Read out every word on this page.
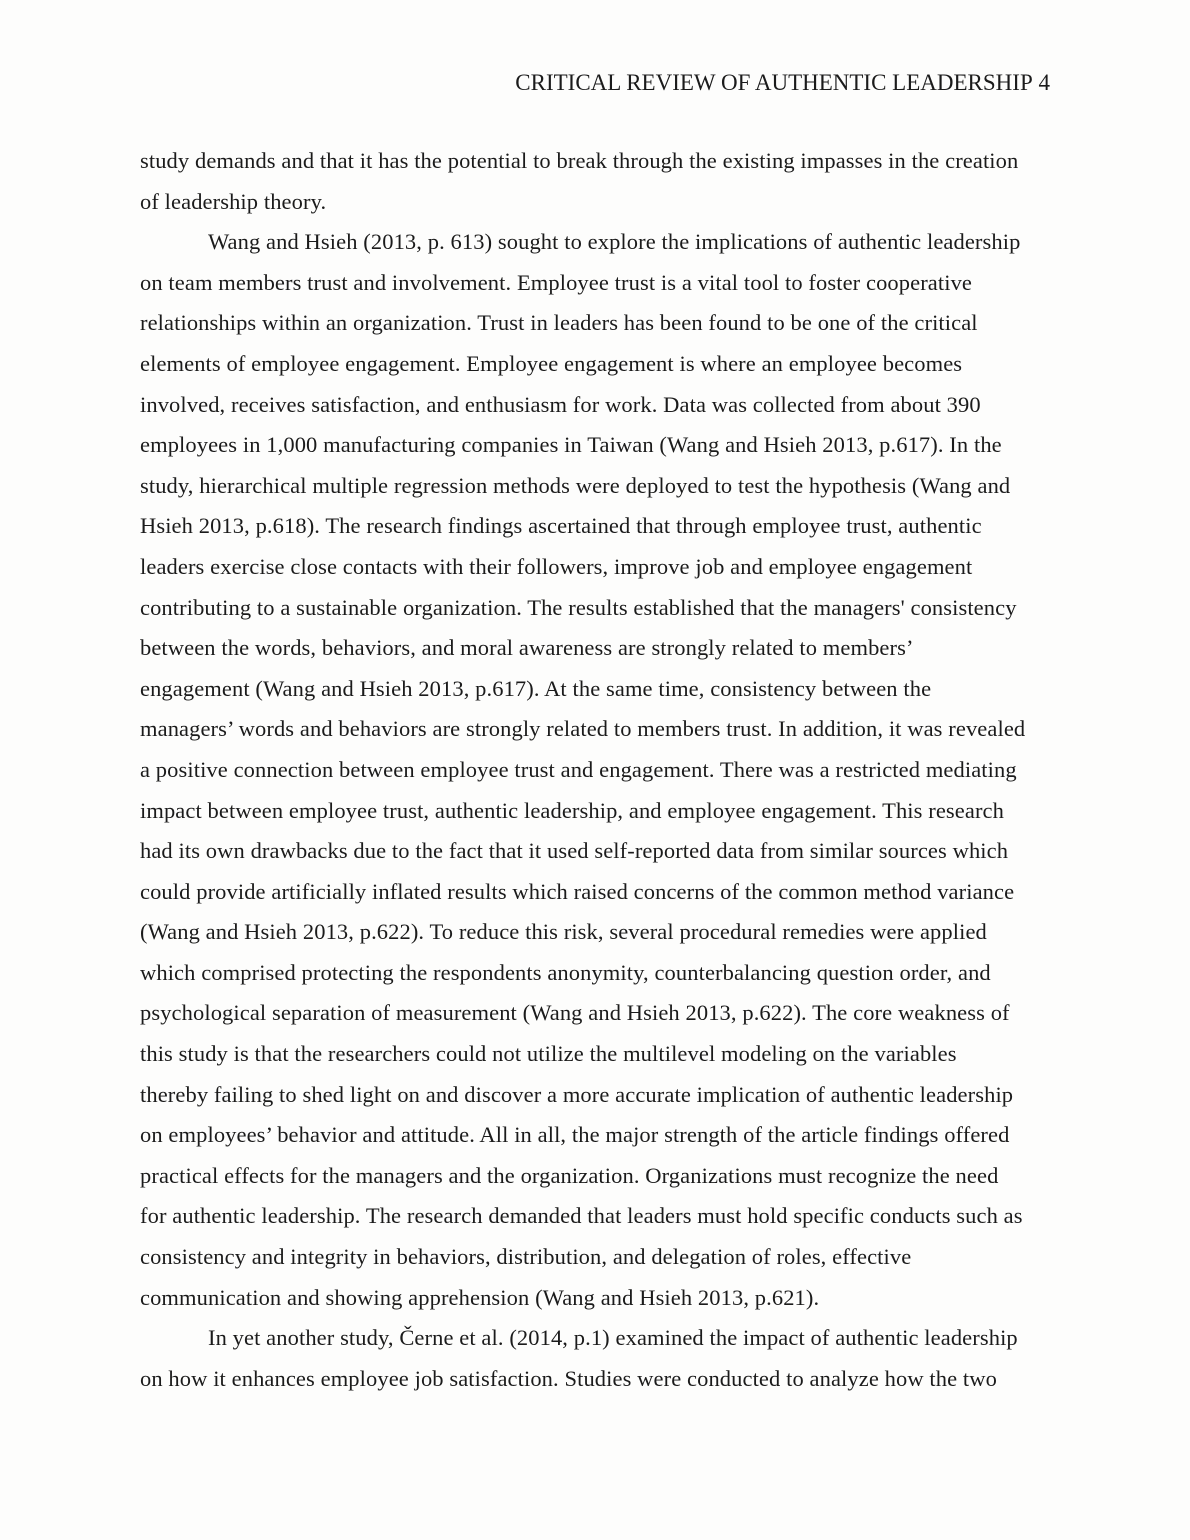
CRITICAL REVIEW OF AUTHENTIC LEADERSHIP 4
study demands and that it has the potential to break through the existing impasses in the creation
of leadership theory.
Wang and Hsieh (2013, p. 613) sought to explore the implications of authentic leadership
on team members trust and involvement. Employee trust is a vital tool to foster cooperative
relationships within an organization. Trust in leaders has been found to be one of the critical
elements of employee engagement. Employee engagement is where an employee becomes
involved, receives satisfaction, and enthusiasm for work. Data was collected from about 390
employees in 1,000 manufacturing companies in Taiwan (Wang and Hsieh 2013, p.617). In the
study, hierarchical multiple regression methods were deployed to test the hypothesis (Wang and
Hsieh 2013, p.618). The research findings ascertained that through employee trust, authentic
leaders exercise close contacts with their followers, improve job and employee engagement
contributing to a sustainable organization. The results established that the managers' consistency
between the words, behaviors, and moral awareness are strongly related to members’
engagement (Wang and Hsieh 2013, p.617). At the same time, consistency between the
managers’ words and behaviors are strongly related to members trust. In addition, it was revealed
a positive connection between employee trust and engagement. There was a restricted mediating
impact between employee trust, authentic leadership, and employee engagement. This research
had its own drawbacks due to the fact that it used self-reported data from similar sources which
could provide artificially inflated results which raised concerns of the common method variance
(Wang and Hsieh 2013, p.622). To reduce this risk, several procedural remedies were applied
which comprised protecting the respondents anonymity, counterbalancing question order, and
psychological separation of measurement (Wang and Hsieh 2013, p.622). The core weakness of
this study is that the researchers could not utilize the multilevel modeling on the variables
thereby failing to shed light on and discover a more accurate implication of authentic leadership
on employees’ behavior and attitude. All in all, the major strength of the article findings offered
practical effects for the managers and the organization. Organizations must recognize the need
for authentic leadership. The research demanded that leaders must hold specific conducts such as
consistency and integrity in behaviors, distribution, and delegation of roles, effective
communication and showing apprehension (Wang and Hsieh 2013, p.621).
In yet another study, Černe et al. (2014, p.1) examined the impact of authentic leadership
on how it enhances employee job satisfaction. Studies were conducted to analyze how the two
